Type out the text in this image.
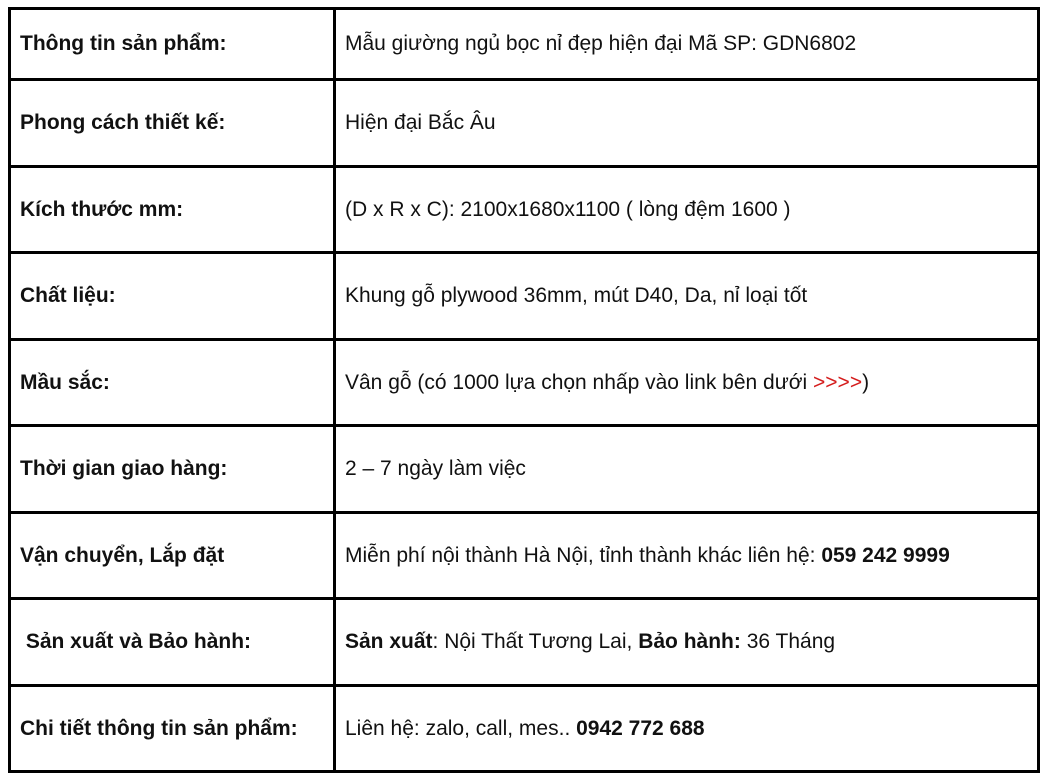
Thông tin sản phẩm:	Mẫu giường ngủ bọc nỉ đẹp hiện đại Mã SP: GDN6802
Phong cách thiết kế:	Hiện đại Bắc Âu
Kích thước mm:	(D x R x C): 2100x1680x1100 ( lòng đệm 1600 )
Chất liệu:	Khung gỗ plywood 36mm, mút D40, Da, nỉ loại tốt
Mầu sắc:	Vân gỗ (có 1000 lựa chọn nhấp vào link bên dưới >>>>)
Thời gian giao hàng:	2 – 7 ngày làm việc
Vận chuyển, Lắp đặt	Miễn phí nội thành Hà Nội, tỉnh thành khác liên hệ: 059 242 9999
Sản xuất và Bảo hành:	Sản xuất: Nội Thất Tương Lai, Bảo hành: 36 Tháng
Chi tiết thông tin sản phẩm:	Liên hệ: zalo, call, mes.. 0942 772 688
